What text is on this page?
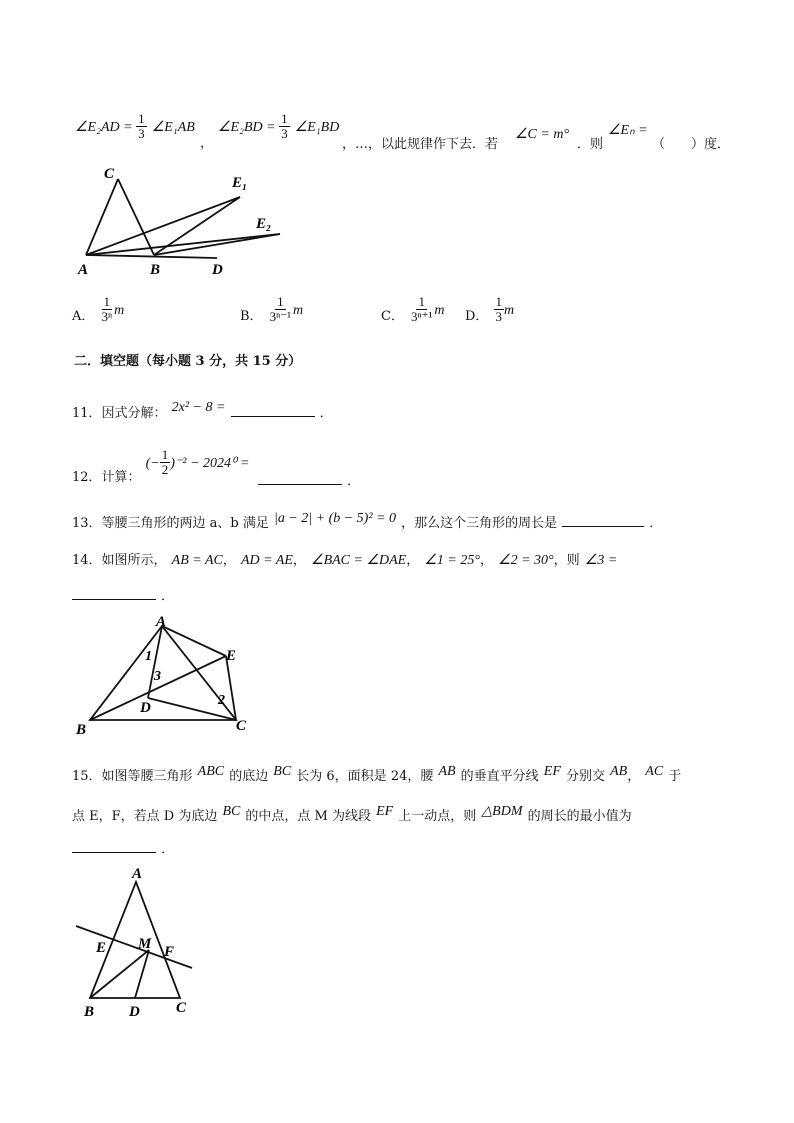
∠E₂AD = $\frac{1}{3}$ ∠E₁AB
，
∠E₂BD = $\frac{1}{3}$ ∠E₁BD
，…，以此规律作下去．若
∠C = m°
．则
∠Eₙ =
（　　）度．
C
E₁
E₂
A	B	D
A． $\frac{1}{\text{3ⁿ}}$ m	B． $\frac{1}{\text{3ⁿ⁻¹}}$ m	C． $\frac{1}{\text{3ⁿ⁺¹}}$ m D． $\frac{1}{3}$ m
二．填空题（每小题 3 分，共 15 分）
11．因式分解： 2x² − 8 =	．
$_{12.计算:}$ (− $\frac{1}{2} )^{-2} - 2024^0$ =
．
13．等腰三角形的两边 a、b 满足 |a − 2| + (b − 5)² = 0 ，那么这个三角形的周长是	．
14．如图所示， AB = AC， AD = AE， ∠BAC = ∠DAE， ∠1 = 25°， ∠2 = 30°，则 ∠3 =
．
A
E
1
3
2
D
B	C
15．如图等腰三角形 ABC 的底边 BC 长为 6，面积是 24，腰 AB 的垂直平分线 EF 分别交 AB， AC 于
点 E，F，若点 D 为底边 BC 的中点，点 M 为线段 EF 上一动点，则 △BDM 的周长的最小值为
．
A
E M F
B D C
